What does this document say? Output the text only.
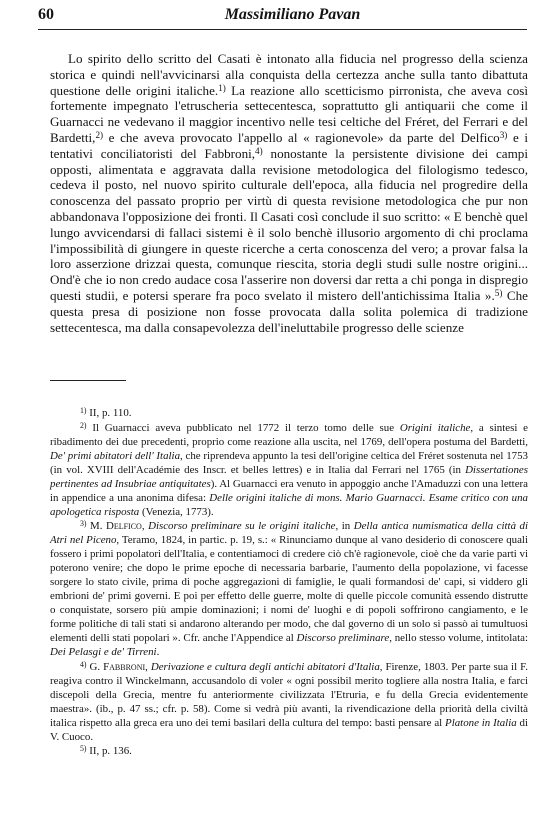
60	Massimiliano Pavan

Lo spirito dello scritto del Casati è intonato alla fiducia nel progresso della scienza storica e quindi nell'avvicinarsi alla conquista della certezza anche sulla tanto dibattuta questione delle origini italiche.$^{1)}$ La reazione allo scetticismo pirronista, che aveva così fortemente impegnato l'etruscheria settecentesca, soprattutto gli antiquarii che come il Guarnacci ne vedevano il maggior incentivo nelle tesi celtiche del Fréret, del Ferrari e del Bardetti,$^{2)}$ e che aveva provocato l'appello al « ragionevole» da parte del Delfico$^{3)}$ e i tentativi conciliatoristi del Fabbroni,$^{4)}$ nonostante la persistente divisione dei campi opposti, alimentata e aggravata dalla revisione metodologica del filologismo tedesco, cedeva il posto, nel nuovo spirito culturale dell'epoca, alla fiducia nel progredire della conoscenza del passato proprio per virtù di questa revisione metodologica che pur non abbandonava l'opposizione dei fronti. Il Casati così conclude il suo scritto: « E benchè quel lungo avvicendarsi di fallaci sistemi è il solo benchè illusorio argomento di chi proclama l'impossibilità di giungere in queste ricerche a certa conoscenza del vero; a provar falsa la loro asserzione drizzai questa, comunque riescita, storia degli studi sulle nostre origini... Ond'è che io non credo audace cosa l'asserire non doversi dar retta a chi ponga in dispregio questi studii, e potersi sperare fra poco svelato il mistero dell'antichissima Italia ».$^{5)}$ Che questa presa di posizione non fosse provocata dalla solita polemica di tradizione settecentesca, ma dalla consapevolezza dell'ineluttabile progresso delle scienze

$^{1)}$ II, p. 110.

$^{2)}$ Il Guarnacci aveva pubblicato nel 1772 il terzo tomo delle sue Origini italiche, a sintesi e ribadimento dei due precedenti, proprio come reazione alla uscita, nel 1769, dell'opera postuma del Bardetti, De' primi abitatori dell' Italia, che riprendeva appunto la tesi dell'origine celtica del Fréret sostenuta nel 1753 (in vol. XVIII dell'Académie des Inscr. et belles lettres) e in Italia dal Ferrari nel 1765 (in Dissertationes pertinentes ad Insubriae antiquitates). Al Guarnacci era venuto in appoggio anche l'Amaduzzi con una lettera in appendice a una anonima difesa: Delle origini italiche di mons. Mario Guarnacci. Esame critico con una apologetica risposta (Venezia, 1773).

$^{3)}$ M. Delfico, Discorso preliminare su le origini italiche, in Della antica numismatica della città di Atri nel Piceno, Teramo, 1824, in partic. p. 19, s.: « Rinunciamo dunque al vano desiderio di conoscere quali fossero i primi popolatori dell'Italia, e contentiamoci di credere ciò ch'è ragionevole, cioè che da varie parti vi poterono venire; che dopo le prime epoche di necessaria barbarie, l'aumento della popolazione, vi facesse sorgere lo stato civile, prima di poche aggregazioni di famiglie, le quali formandosi de' capi, si viddero gli embrioni de' primi governi. E poi per effetto delle guerre, molte di quelle piccole comunità essendo distrutte o conquistate, sorsero più ampie dominazioni; i nomi de' luoghi e di popoli soffrirono cangiamento, e le forme politiche di tali stati si andarono alterando per modo, che dal governo di un solo si passò ai tumultuosi elementi delli stati popolari ». Cfr. anche l'Appendice al Discorso preliminare, nello stesso volume, intitolata: Dei Pelasgi e de' Tirreni.

$^{4)}$ G. Fabbroni, Derivazione e cultura degli antichi abitatori d'Italia, Firenze, 1803. Per parte sua il F. reagiva contro il Winckelmann, accusandolo di voler « ogni possibil merito togliere alla nostra Italia, e farci discepoli della Grecia, mentre fu anteriormente civilizzata l'Etruria, e fu della Grecia evidentemente maestra». (ib., p. 47 ss.; cfr. p. 58). Come si vedrà più avanti, la rivendicazione della priorità della civiltà italica rispetto alla greca era uno dei temi basilari della cultura del tempo: basti pensare al Platone in Italia di V. Cuoco.

$^{5)}$ II, p. 136.
